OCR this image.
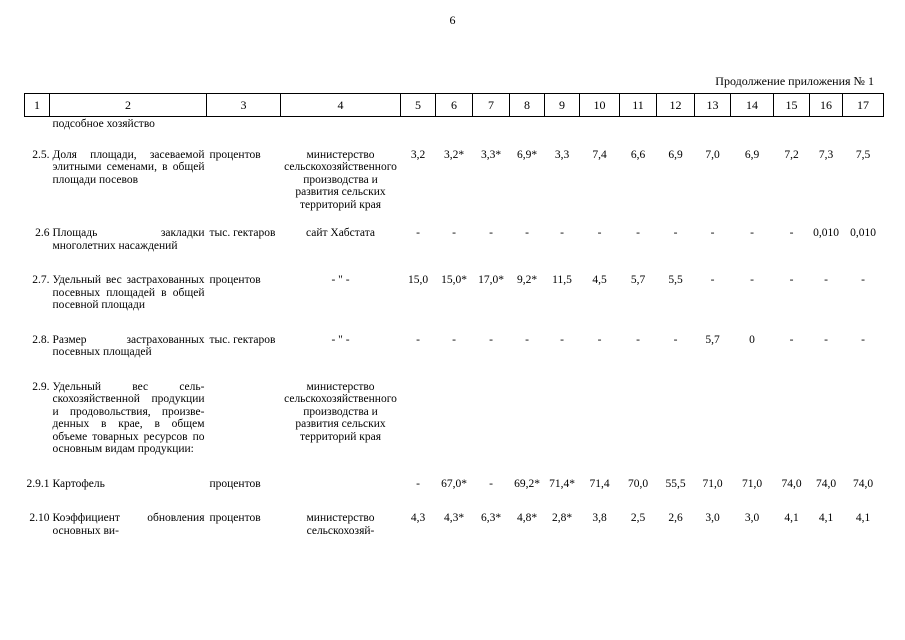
6
Продолжение приложения № 1
1	2	3	4	5	6	7	8	9	10	11	12	13	14	15	16	17
	подсобное хозяйство															

2.5.	Доля площади, засеваемой элитными семенами, в общей площади посевов	процентов	министерство сельскохозяйственного производства и развития сельских территорий края	3,2	3,2*	3,3*	6,9*	3,3	7,4	6,6	6,9	7,0	6,9	7,2	7,3	7,5

2.6	Площадь закладки многолетних насаждений	тыс. гектаров	сайт Хабстата	-	-	-	-	-	-	-	-	-	-	-	0,010	0,010

2.7.	Удельный вес застрахованных посевных площадей в общей посевной площади	процентов	- " -	15,0	15,0*	17,0*	9,2*	11,5	4,5	5,7	5,5	-	-	-	-	-

2.8.	Размер застрахованных посевных площадей	тыс. гектаров	- " -	-	-	-	-	-	-	-	-	5,7	0	-	-	-

2.9.	Удельный вес сельскохозяйственной продукции и продовольствия, произведенных в крае, в общем объеме товарных ресурсов по основным видам продукции:		министерство сельскохозяйственного производства и развития сельских территорий края													

2.9.1	Картофель	процентов		-	67,0*	-	69,2*	71,4*	71,4	70,0	55,5	71,0	71,0	74,0	74,0	74,0

2.10	Коэффициент обновления основных ви-	процентов	министерство сельскохозяй-	4,3	4,3*	6,3*	4,8*	2,8*	3,8	2,5	2,6	3,0	3,0	4,1	4,1	4,1
